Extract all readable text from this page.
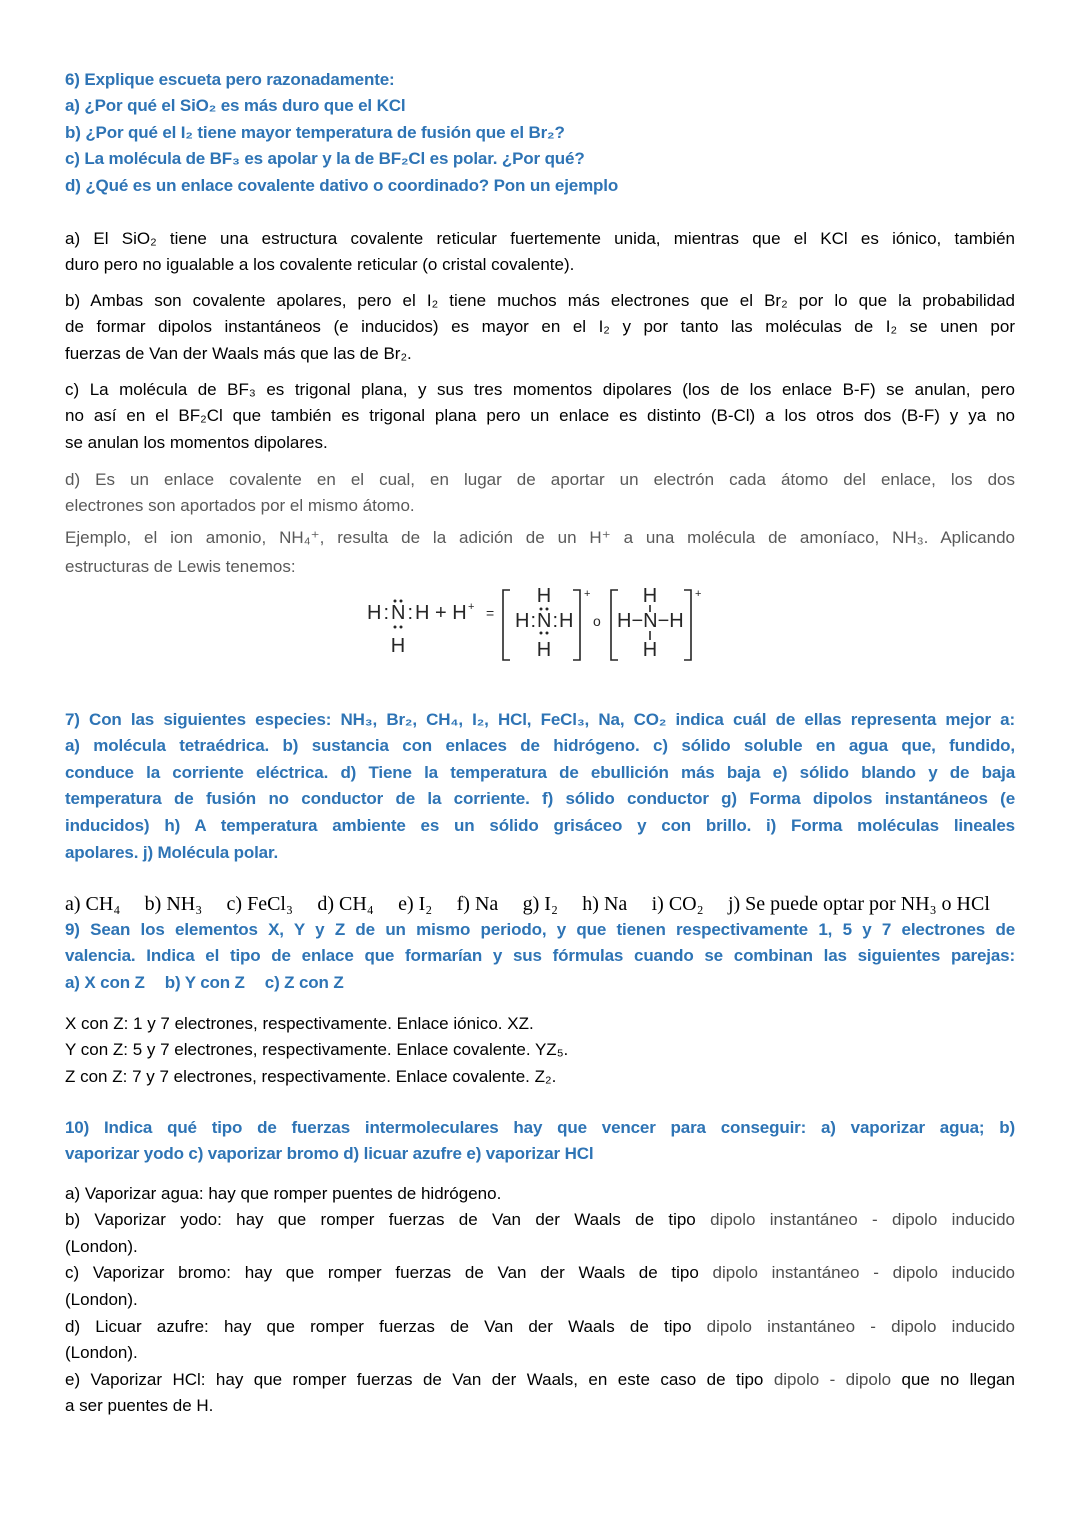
6) Explique escueta pero razonadamente:
a) ¿Por qué el SiO₂ es más duro que el KCl
b) ¿Por qué el I₂ tiene mayor temperatura de fusión que el Br₂?
c) La molécula de BF₃ es apolar y la de BF₂Cl es polar. ¿Por qué?
d) ¿Qué es un enlace covalente dativo o coordinado? Pon un ejemplo
a) El SiO₂ tiene una estructura covalente reticular fuertemente unida, mientras que el KCl es iónico, también
duro pero no igualable a los covalente reticular (o cristal covalente).
b) Ambas son covalente apolares, pero el I₂ tiene muchos más electrones que el Br₂ por lo que la probabilidad
de formar dipolos instantáneos (e inducidos) es mayor en el I₂ y por tanto las moléculas de I₂ se unen por
fuerzas de Van der Waals más que las de Br₂.
c) La molécula de BF₃ es trigonal plana, y sus tres momentos dipolares (los de los enlace B-F) se anulan, pero
no así en el BF₂Cl que también es trigonal plana pero un enlace es distinto (B-Cl) a los otros dos (B-F) y ya no
se anulan los momentos dipolares.
d) Es un enlace covalente en el cual, en lugar de aportar un electrón cada átomo del enlace, los dos
electrones son aportados por el mismo átomo.
Ejemplo, el ion amonio, NH₄⁺, resulta de la adición de un H⁺ a una molécula de amoníaco, NH₃. Aplicando
estructuras de Lewis tenemos:
H:N:H
H
+ H + =
H
H:N:H
H
+
o
H
H−N−H
H
+
7) Con las siguientes especies: NH₃, Br₂, CH₄, I₂, HCl, FeCl₃, Na, CO₂ indica cuál de ellas representa mejor a:
a) molécula tetraédrica. b) sustancia con enlaces de hidrógeno. c) sólido soluble en agua que, fundido,
conduce la corriente eléctrica. d) Tiene la temperatura de ebullición más baja e) sólido blando y de baja
temperatura de fusión no conductor de la corriente. f) sólido conductor g) Forma dipolos instantáneos (e
inducidos) h) A temperatura ambiente es un sólido grisáceo y con brillo. i) Forma moléculas lineales
apolares. j) Molécula polar.
a) CH₄ b) NH₃ c) FeCl₃ d) CH₄ e) I₂ f) Na g) I₂ h) Na i) CO₂ j) Se puede optar por NH₃ o HCl
9) Sean los elementos X, Y y Z de un mismo periodo, y que tienen respectivamente 1, 5 y 7 electrones de
valencia. Indica el tipo de enlace que formarían y sus fórmulas cuando se combinan las siguientes parejas:
a) X con Z b) Y con Z c) Z con Z
X con Z: 1 y 7 electrones, respectivamente. Enlace iónico. XZ.
Y con Z: 5 y 7 electrones, respectivamente. Enlace covalente. YZ₅.
Z con Z: 7 y 7 electrones, respectivamente. Enlace covalente. Z₂.
10) Indica qué tipo de fuerzas intermoleculares hay que vencer para conseguir: a) vaporizar agua; b)
vaporizar yodo c) vaporizar bromo d) licuar azufre e) vaporizar HCl
a) Vaporizar agua: hay que romper puentes de hidrógeno.
b) Vaporizar yodo: hay que romper fuerzas de Van der Waals de tipo dipolo instantáneo - dipolo inducido
(London).
c) Vaporizar bromo: hay que romper fuerzas de Van der Waals de tipo dipolo instantáneo - dipolo inducido
(London).
d) Licuar azufre: hay que romper fuerzas de Van der Waals de tipo dipolo instantáneo - dipolo inducido
(London).
e) Vaporizar HCl: hay que romper fuerzas de Van der Waals, en este caso de tipo dipolo - dipolo que no llegan
a ser puentes de H.
